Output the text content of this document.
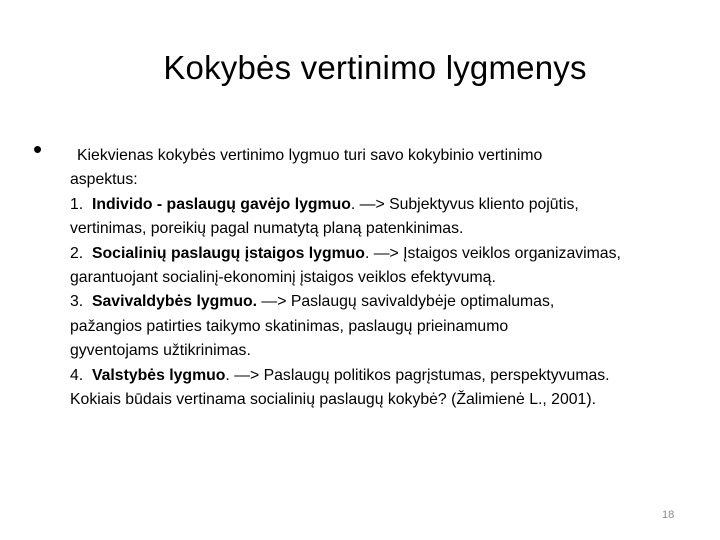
Kokybės vertinimo lygmenys
•	Kiekvienas kokybės vertinimo lygmuo turi savo kokybinio vertinimo
aspektus:
1. Individo - paslaugų gavėjo lygmuo. —> Subjektyvus kliento pojūtis,
vertinimas, poreikių pagal numatytą planą patenkinimas.
2. Socialinių paslaugų įstaigos lygmuo. —> Įstaigos veiklos organizavimas,
garantuojant socialinį-ekonominį įstaigos veiklos efektyvumą.
3. Savivaldybės lygmuo. —> Paslaugų savivaldybėje optimalumas,
pažangios patirties taikymo skatinimas, paslaugų prieinamumo
gyventojams užtikrinimas.
4. Valstybės lygmuo. —> Paslaugų politikos pagrįstumas, perspektyvumas.
Kokiais būdais vertinama socialinių paslaugų kokybė? (Žalimienė L., 2001).
18
